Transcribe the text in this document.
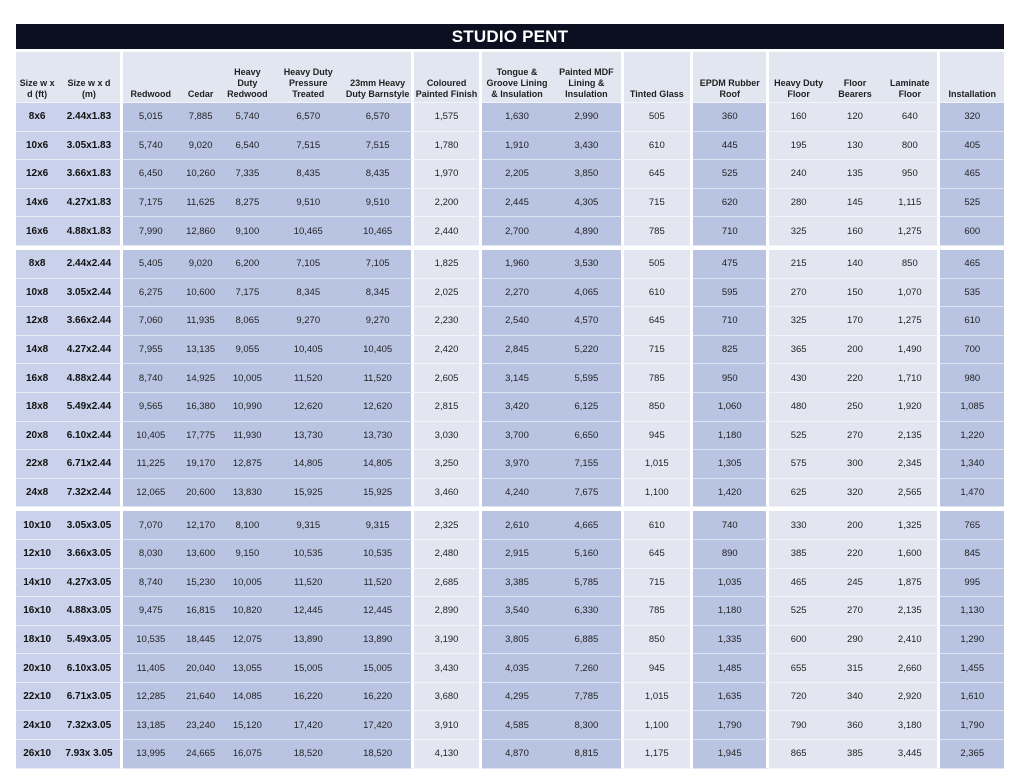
STUDIO PENT
Size w x d (ft)	Size w x d (m)	Redwood	Cedar	Heavy Duty Redwood	Heavy Duty Pressure Treated	23mm Heavy Duty Barnstyle	Coloured Painted Finish	Tongue & Groove Lining & Insulation	Painted MDF Lining & Insulation	Tinted Glass	EPDM Rubber Roof	Heavy Duty Floor	Floor Bearers	Laminate Floor	Installation
8x6	2.44x1.83	5,015	7,885	5,740	6,570	6,570	1,575	1,630	2,990	505	360	160	120	640	320
10x6	3.05x1.83	5,740	9,020	6,540	7,515	7,515	1,780	1,910	3,430	610	445	195	130	800	405
12x6	3.66x1.83	6,450	10,260	7,335	8,435	8,435	1,970	2,205	3,850	645	525	240	135	950	465
14x6	4.27x1.83	7,175	11,625	8,275	9,510	9,510	2,200	2,445	4,305	715	620	280	145	1,115	525
16x6	4.88x1.83	7,990	12,860	9,100	10,465	10,465	2,440	2,700	4,890	785	710	325	160	1,275	600

8x8	2.44x2.44	5,405	9,020	6,200	7,105	7,105	1,825	1,960	3,530	505	475	215	140	850	465
10x8	3.05x2.44	6,275	10,600	7,175	8,345	8,345	2,025	2,270	4,065	610	595	270	150	1,070	535
12x8	3.66x2.44	7,060	11,935	8,065	9,270	9,270	2,230	2,540	4,570	645	710	325	170	1,275	610
14x8	4.27x2.44	7,955	13,135	9,055	10,405	10,405	2,420	2,845	5,220	715	825	365	200	1,490	700
16x8	4.88x2.44	8,740	14,925	10,005	11,520	11,520	2,605	3,145	5,595	785	950	430	220	1,710	980
18x8	5.49x2.44	9,565	16,380	10,990	12,620	12,620	2,815	3,420	6,125	850	1,060	480	250	1,920	1,085
20x8	6.10x2.44	10,405	17,775	11,930	13,730	13,730	3,030	3,700	6,650	945	1,180	525	270	2,135	1,220
22x8	6.71x2.44	11,225	19,170	12,875	14,805	14,805	3,250	3,970	7,155	1,015	1,305	575	300	2,345	1,340
24x8	7.32x2.44	12,065	20,600	13,830	15,925	15,925	3,460	4,240	7,675	1,100	1,420	625	320	2,565	1,470

10x10	3.05x3.05	7,070	12,170	8,100	9,315	9,315	2,325	2,610	4,665	610	740	330	200	1,325	765
12x10	3.66x3.05	8,030	13,600	9,150	10,535	10,535	2,480	2,915	5,160	645	890	385	220	1,600	845
14x10	4.27x3.05	8,740	15,230	10,005	11,520	11,520	2,685	3,385	5,785	715	1,035	465	245	1,875	995
16x10	4.88x3.05	9,475	16,815	10,820	12,445	12,445	2,890	3,540	6,330	785	1,180	525	270	2,135	1,130
18x10	5.49x3.05	10,535	18,445	12,075	13,890	13,890	3,190	3,805	6,885	850	1,335	600	290	2,410	1,290
20x10	6.10x3.05	11,405	20,040	13,055	15,005	15,005	3,430	4,035	7,260	945	1,485	655	315	2,660	1,455
22x10	6.71x3.05	12,285	21,640	14,085	16,220	16,220	3,680	4,295	7,785	1,015	1,635	720	340	2,920	1,610
24x10	7.32x3.05	13,185	23,240	15,120	17,420	17,420	3,910	4,585	8,300	1,100	1,790	790	360	3,180	1,790
26x10	7.93x 3.05	13,995	24,665	16,075	18,520	18,520	4,130	4,870	8,815	1,175	1,945	865	385	3,445	2,365
